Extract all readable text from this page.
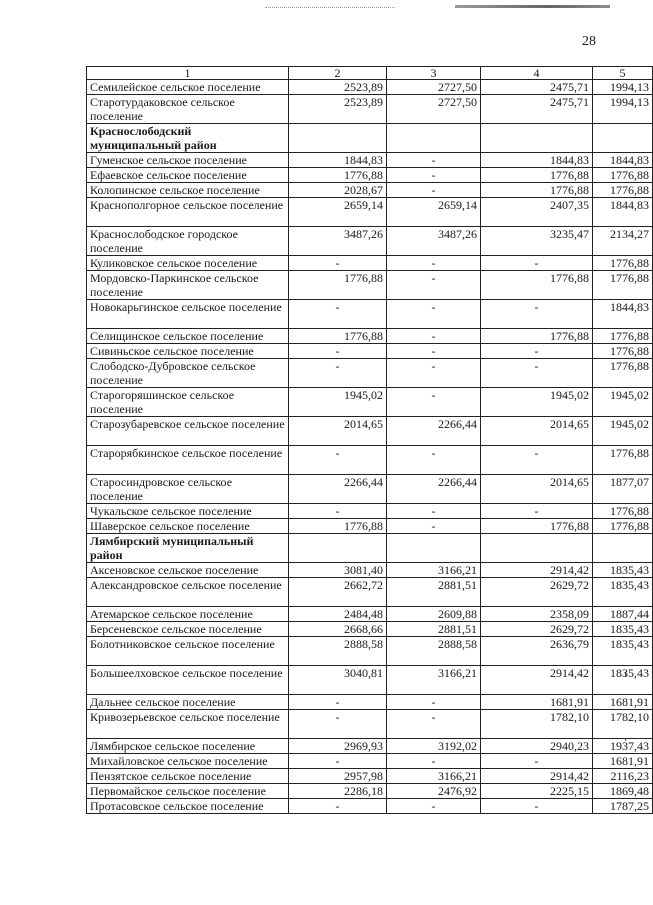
28
1	2	3	4	5
Семилейское сельское поселение	2523,89	2727,50	2475,71	1994,13
Старотурдаковское сельское поселение	2523,89	2727,50	2475,71	1994,13
Краснослободский муниципальный район				
Гуменское сельское поселение	1844,83	-	1844,83	1844,83
Ефаевское сельское поселение	1776,88	-	1776,88	1776,88
Колопинское сельское поселение	2028,67	-	1776,88	1776,88
Краснополгорное сельское поселение	2659,14	2659,14	2407,35	1844,83
Краснослободское городское поселение	3487,26	3487,26	3235,47	2134,27
Куликовское сельское поселение	-	-	-	1776,88
Мордовско-Паркинское сельское поселение	1776,88	-	1776,88	1776,88
Новокарьгинское сельское поселение	-	-	-	1844,83
Селищинское сельское поселение	1776,88	-	1776,88	1776,88
Сивиньское сельское поселение	-	-	-	1776,88
Слободско-Дубровское сельское поселение	-	-	-	1776,88
Старогоряшинское сельское поселение	1945,02	-	1945,02	1945,02
Старозубаревское сельское поселение	2014,65	2266,44	2014,65	1945,02
Старорябкинское сельское поселение	-	-	-	1776,88
Старосиндровское сельское поселение	2266,44	2266,44	2014,65	1877,07
Чукальское сельское поселение	-	-	-	1776,88
Шаверское сельское поселение	1776,88	-	1776,88	1776,88
Лямбирский муниципальный район				
Аксеновское сельское поселение	3081,40	3166,21	2914,42	1835,43
Александровское сельское поселение	2662,72	2881,51	2629,72	1835,43
Атемарское сельское поселение	2484,48	2609,88	2358,09	1887,44
Берсеневское сельское поселение	2668,66	2881,51	2629,72	1835,43
Болотниковское сельское поселение	2888,58	2888,58	2636,79	1835,43
Большеелховское сельское поселение	3040,81	3166,21	2914,42	1835,43
Дальнее сельское поселение	-	-	1681,91	1681,91
Кривозерьевское сельское поселение	-	-	1782,10	1782,10
Лямбирское сельское поселение	2969,93	3192,02	2940,23	1937,43
Михайловское сельское поселение	-	-	-	1681,91
Пензятское сельское поселение	2957,98	3166,21	2914,42	2116,23
Первомайское сельское поселение	2286,18	2476,92	2225,15	1869,48
Протасовское сельское поселение	-	-	-	1787,25
